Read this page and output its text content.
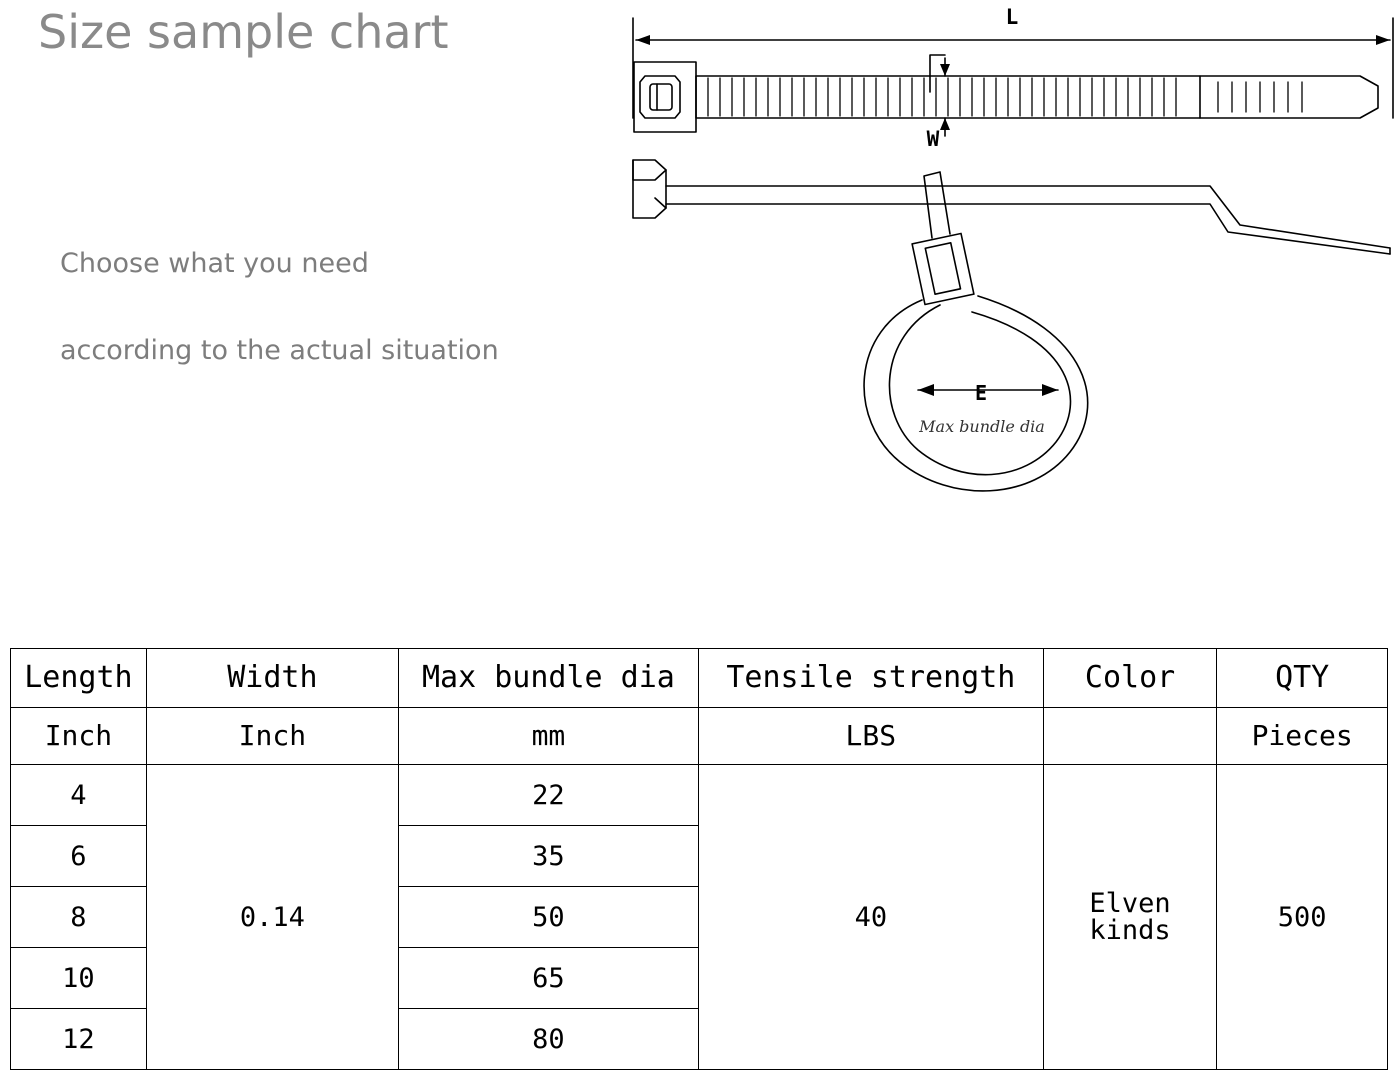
Size sample chart
Choose what you need
according to the actual situation
L
W
E
Max bundle dia
Length	Width	Max bundle dia	Tensile strength	Color	QTY
Inch	Inch	mm	LBS		Pieces
4	0.14	22	40	Elven kinds	500
6		35			
8		50			
10		65			
12		80			
